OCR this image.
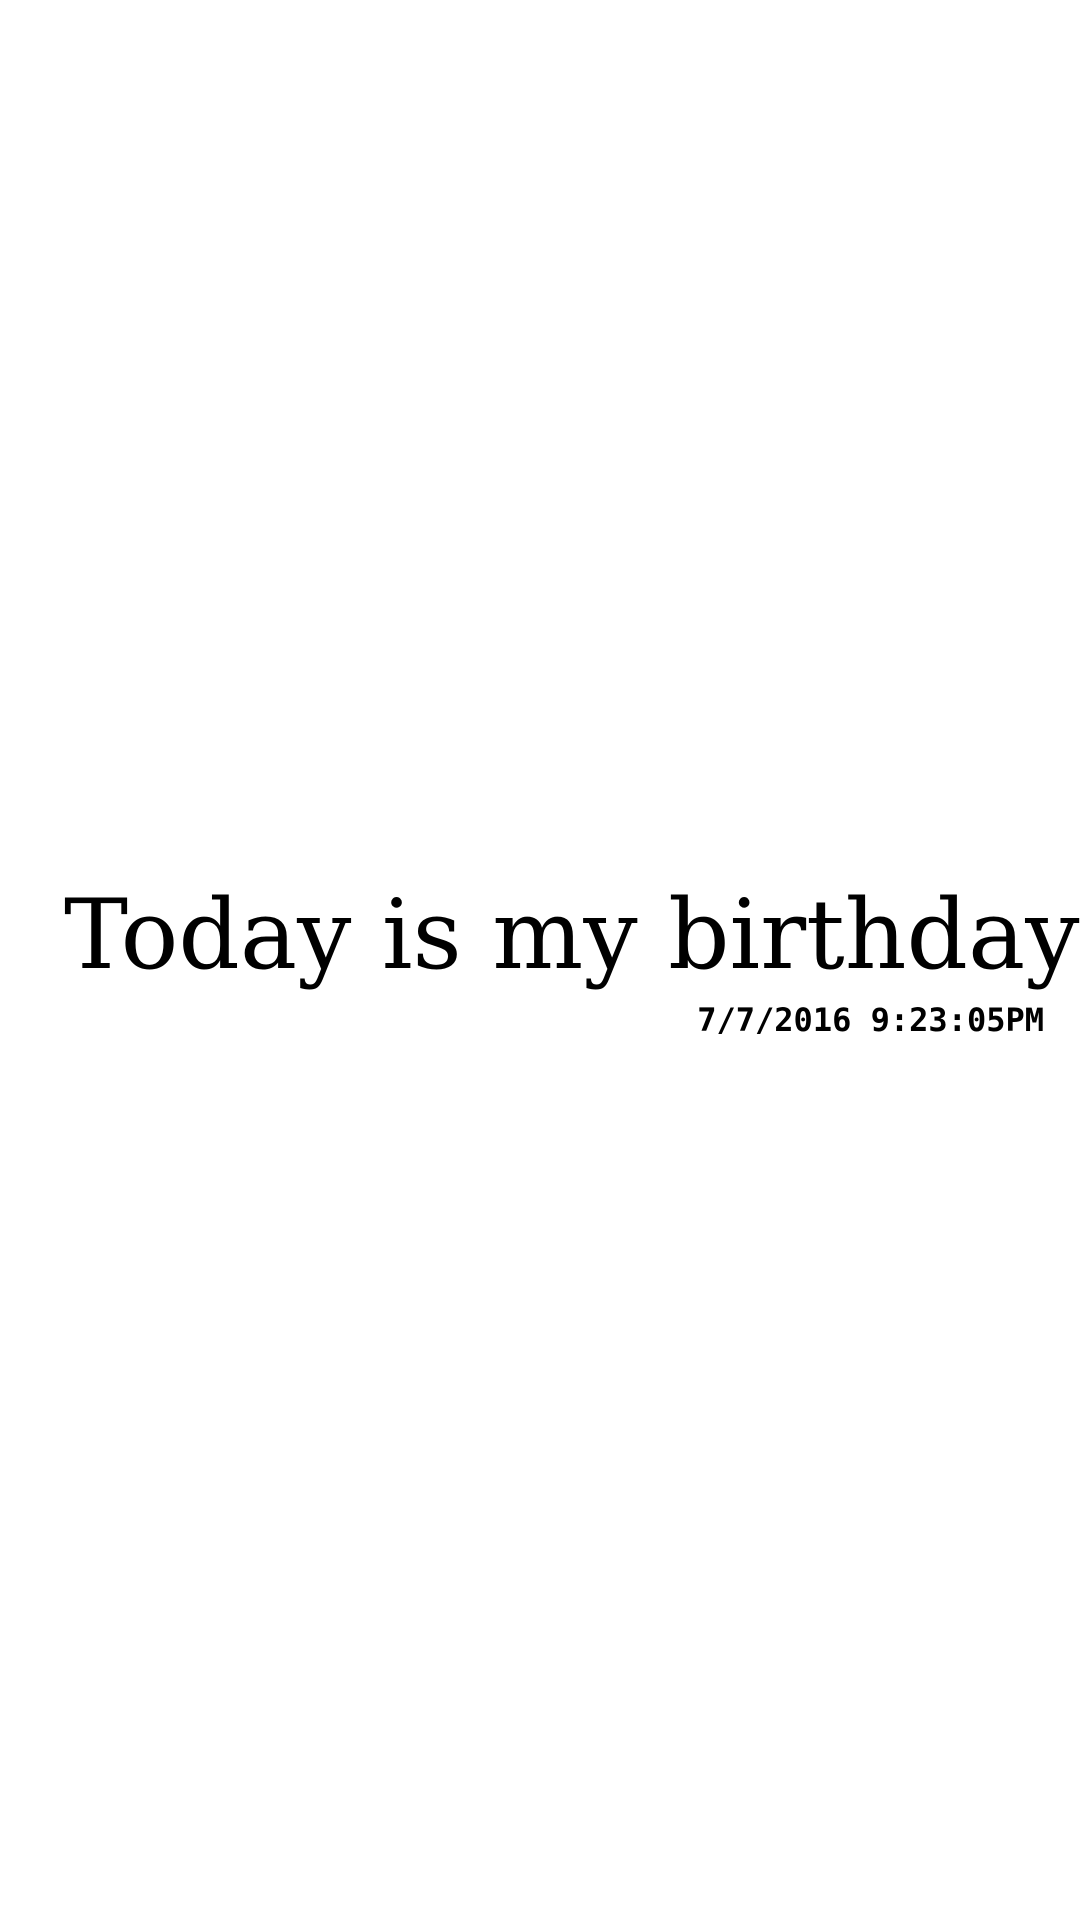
Today is my birthday
7/7/2016 9:23:05PM
